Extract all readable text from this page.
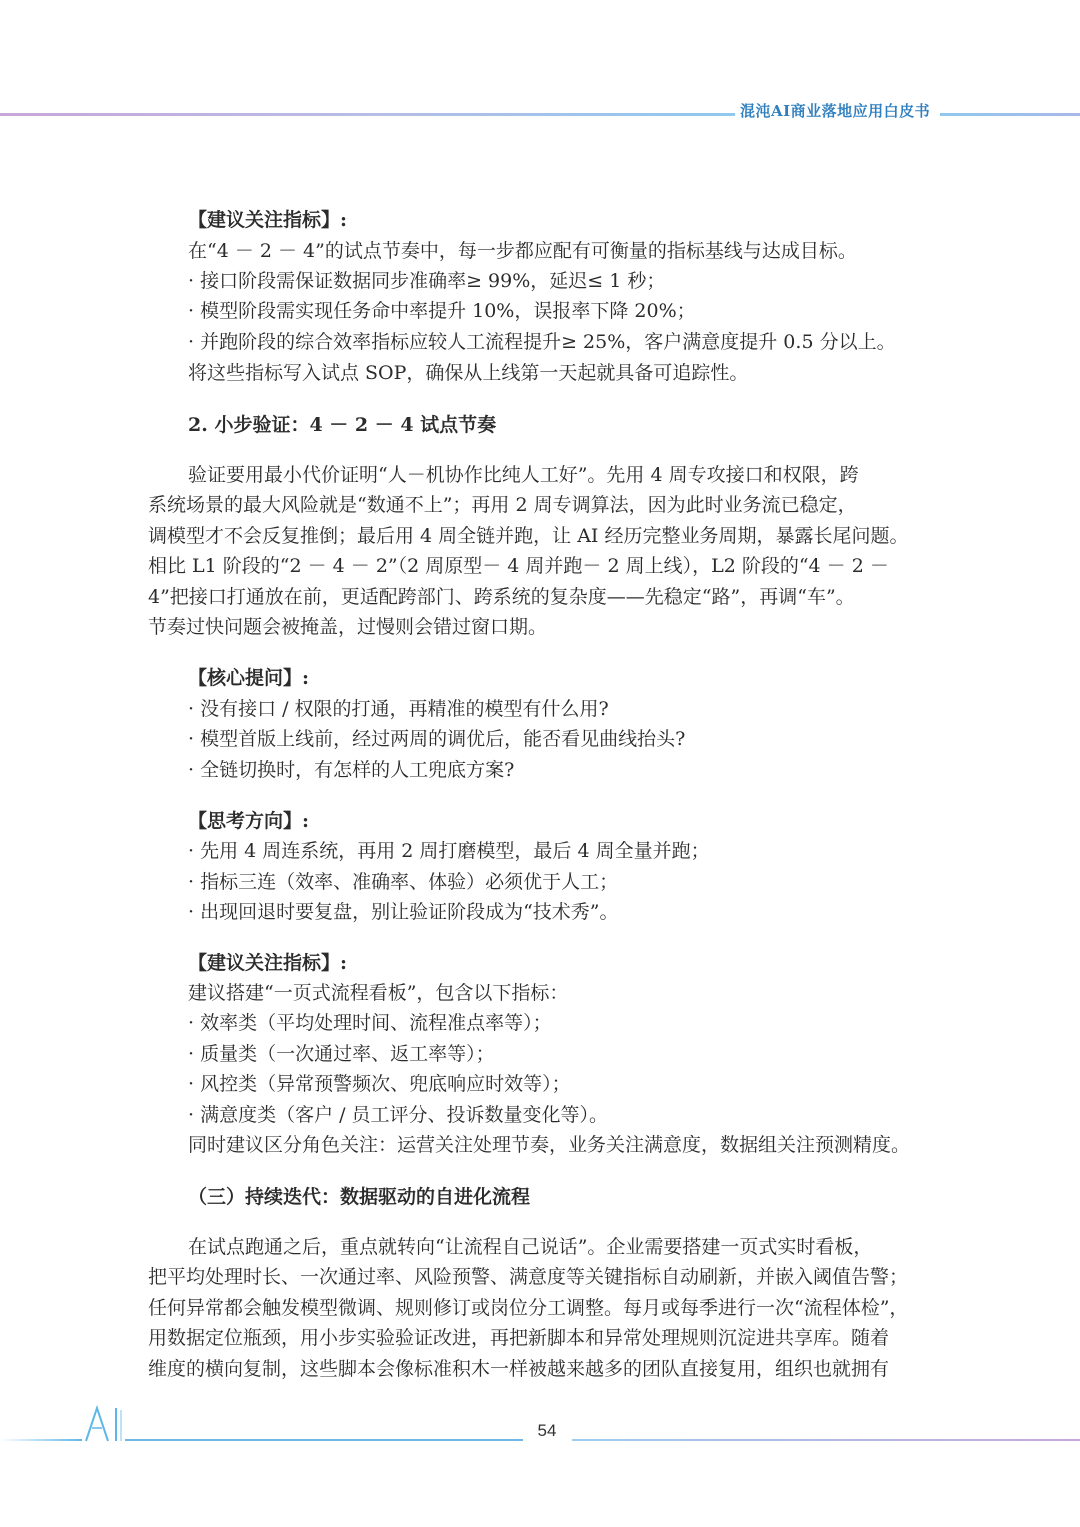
混沌AI商业落地应用白皮书
【建议关注指标】:
在“4 － 2 － 4”的试点节奏中，每一步都应配有可衡量的指标基线与达成目标。
· 接口阶段需保证数据同步准确率≥ 99%，延迟≤ 1 秒；
· 模型阶段需实现任务命中率提升 10%，误报率下降 20%；
· 并跑阶段的综合效率指标应较人工流程提升≥ 25%，客户满意度提升 0.5 分以上。
将这些指标写入试点 SOP，确保从上线第一天起就具备可追踪性。
2. 小步验证：4 － 2 － 4 试点节奏
验证要用最小代价证明“人－机协作比纯人工好”。先用 4 周专攻接口和权限，跨
系统场景的最大风险就是“数通不上”；再用 2 周专调算法，因为此时业务流已稳定，
调模型才不会反复推倒；最后用 4 周全链并跑，让 AI 经历完整业务周期，暴露长尾问题。
相比 L1 阶段的“2 － 4 － 2”（2 周原型－ 4 周并跑－ 2 周上线），L2 阶段的“4 － 2 －
4”把接口打通放在前，更适配跨部门、跨系统的复杂度——先稳定“路”，再调“车”。
节奏过快问题会被掩盖，过慢则会错过窗口期。
【核心提问】:
· 没有接口 / 权限的打通，再精准的模型有什么用?
· 模型首版上线前，经过两周的调优后，能否看见曲线抬头?
· 全链切换时，有怎样的人工兜底方案?
【思考方向】:
· 先用 4 周连系统，再用 2 周打磨模型，最后 4 周全量并跑；
· 指标三连（效率、准确率、体验）必须优于人工；
· 出现回退时要复盘，别让验证阶段成为“技术秀”。
【建议关注指标】:
建议搭建“一页式流程看板”，包含以下指标：
· 效率类（平均处理时间、流程准点率等）；
· 质量类（一次通过率、返工率等）；
· 风控类（异常预警频次、兜底响应时效等）；
· 满意度类（客户 / 员工评分、投诉数量变化等）。
同时建议区分角色关注：运营关注处理节奏，业务关注满意度，数据组关注预测精度。
（三）持续迭代：数据驱动的自进化流程
在试点跑通之后，重点就转向“让流程自己说话”。企业需要搭建一页式实时看板，
把平均处理时长、一次通过率、风险预警、满意度等关键指标自动刷新，并嵌入阈值告警；
任何异常都会触发模型微调、规则修订或岗位分工调整。每月或每季进行一次“流程体检”，
用数据定位瓶颈，用小步实验验证改进，再把新脚本和异常处理规则沉淀进共享库。随着
维度的横向复制，这些脚本会像标准积木一样被越来越多的团队直接复用，组织也就拥有
54
